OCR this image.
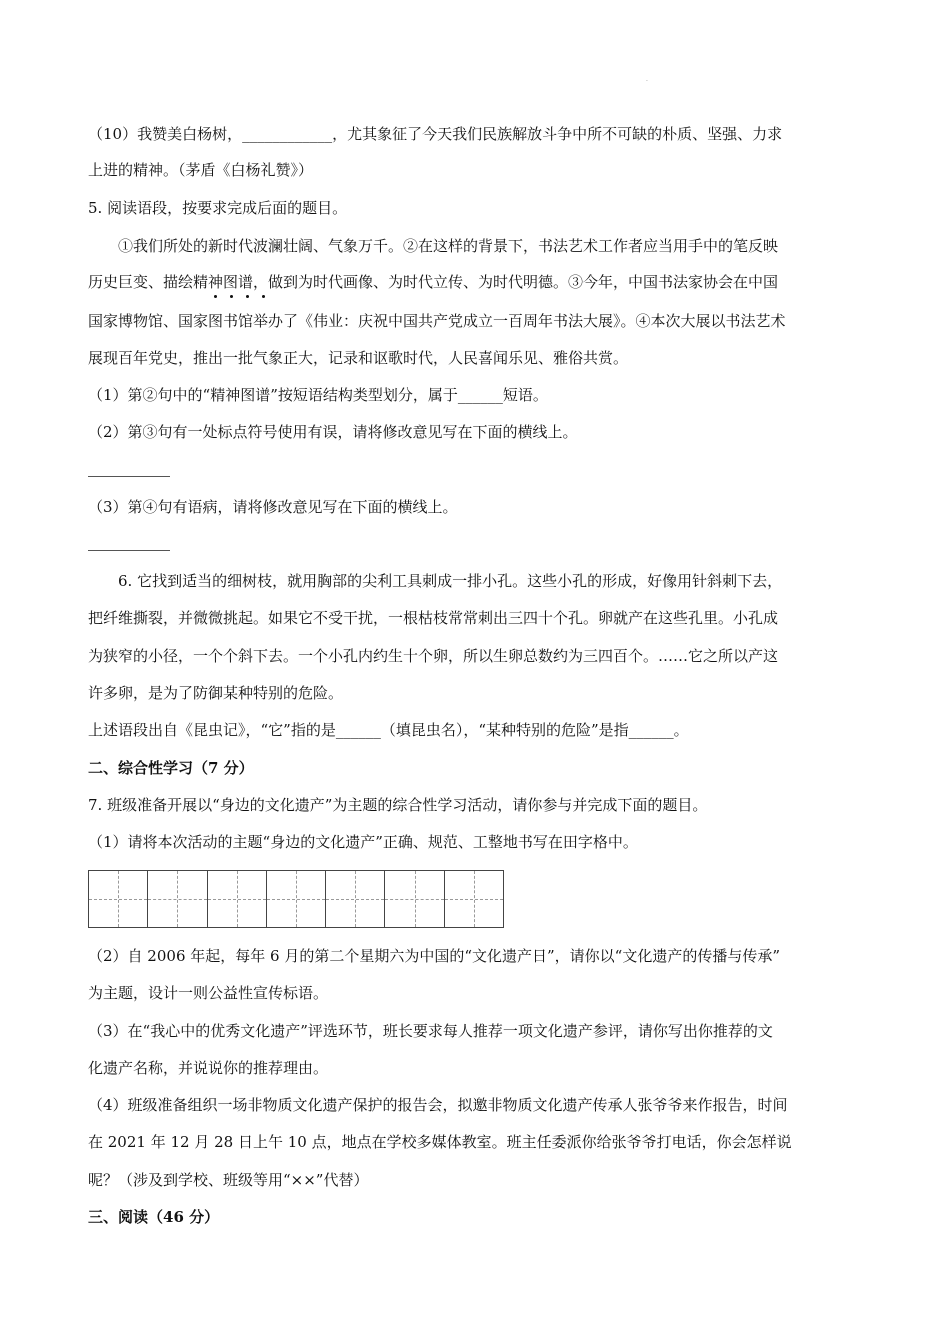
.
（10）我赞美白杨树，____________，尤其象征了今天我们民族解放斗争中所不可缺的朴质、坚强、力求
上进的精神。（茅盾《白杨礼赞》）
5. 阅读语段，按要求完成后面的题目。
①我们所处的新时代波澜壮阔、气象万千。②在这样的背景下，书法艺术工作者应当用手中的笔反映
历史巨变、描绘精神图谱，做到为时代画像、为时代立传、为时代明德。③今年，中国书法家协会在中国
国家博物馆、国家图书馆举办了《伟业：庆祝中国共产党成立一百周年书法大展》。④本次大展以书法艺术
展现百年党史，推出一批气象正大，记录和讴歌时代，人民喜闻乐见、雅俗共赏。
（1）第②句中的“精神图谱”按短语结构类型划分，属于______短语。
（2）第③句有一处标点符号使用有误，请将修改意见写在下面的横线上。
（3）第④句有语病，请将修改意见写在下面的横线上。
6. 它找到适当的细树枝，就用胸部的尖利工具刺成一排小孔。这些小孔的形成，好像用针斜刺下去，
把纤维撕裂，并微微挑起。如果它不受干扰，一根枯枝常常刺出三四十个孔。卵就产在这些孔里。小孔成
为狭窄的小径，一个个斜下去。一个小孔内约生十个卵，所以生卵总数约为三四百个。……它之所以产这
许多卵，是为了防御某种特别的危险。
上述语段出自《昆虫记》，“它”指的是______（填昆虫名），“某种特别的危险”是指______。
二、综合性学习（7 分）
7. 班级准备开展以“身边的文化遗产”为主题的综合性学习活动，请你参与并完成下面的题目。
（1）请将本次活动的主题“身边的文化遗产”正确、规范、工整地书写在田字格中。
（2）自 2006 年起，每年 6 月的第二个星期六为中国的“文化遗产日”，请你以“文化遗产的传播与传承”
为主题，设计一则公益性宣传标语。
（3）在“我心中的优秀文化遗产”评选环节，班长要求每人推荐一项文化遗产参评，请你写出你推荐的文
化遗产名称，并说说你的推荐理由。
（4）班级准备组织一场非物质文化遗产保护的报告会，拟邀非物质文化遗产传承人张爷爷来作报告，时间
在 2021 年 12 月 28 日上午 10 点，地点在学校多媒体教室。班主任委派你给张爷爷打电话，你会怎样说
呢？（涉及到学校、班级等用“××”代替）
三、阅读（46 分）
